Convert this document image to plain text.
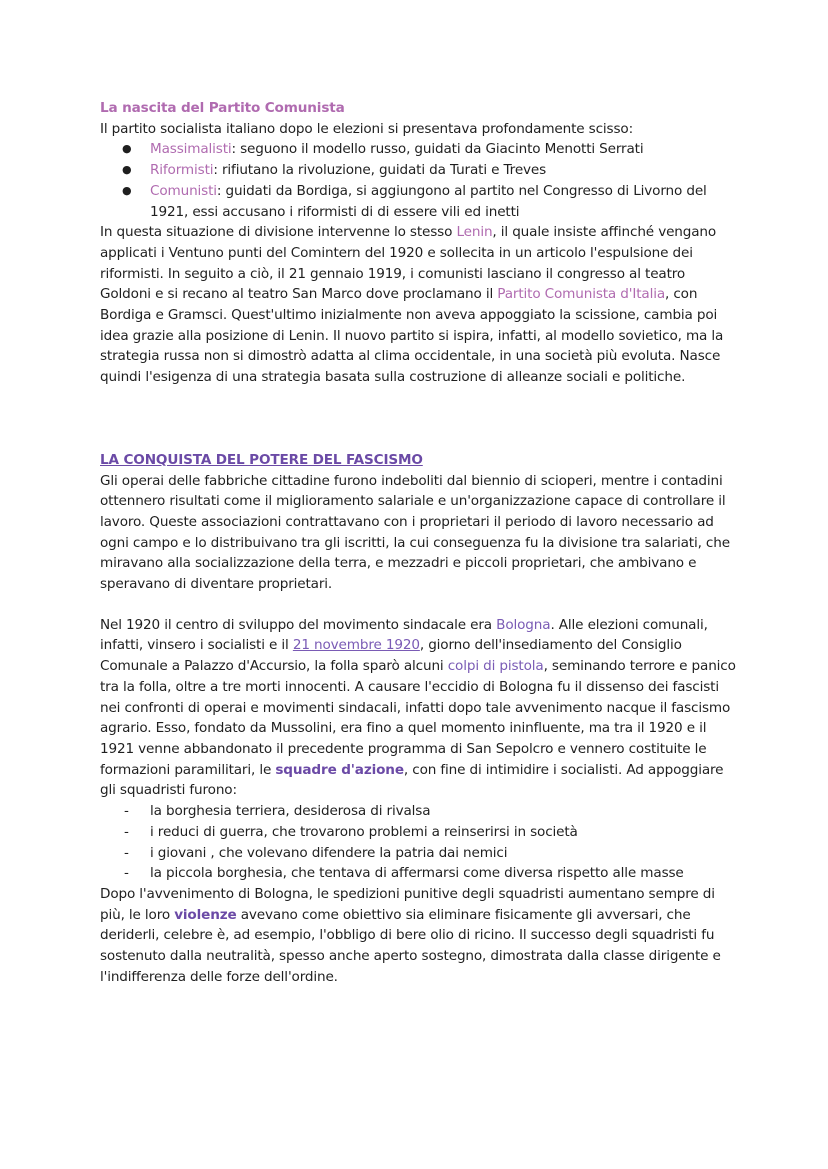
La nascita del Partito Comunista

Il partito socialista italiano dopo le elezioni si presentava profondamente scisso:

●	Massimalisti: seguono il modello russo, guidati da Giacinto Menotti Serrati
●	Riformisti: rifiutano la rivoluzione, guidati da Turati e Treves
●	Comunisti: guidati da Bordiga, si aggiungono al partito nel Congresso di Livorno del 1921, essi accusano i riformisti di di essere vili ed inetti

In questa situazione di divisione intervenne lo stesso Lenin, il quale insiste affinché vengano applicati i Ventuno punti del Comintern del 1920 e sollecita in un articolo l'espulsione dei riformisti. In seguito a ciò, il 21 gennaio 1919, i comunisti lasciano il congresso al teatro Goldoni e si recano al teatro San Marco dove proclamano il Partito Comunista d'Italia, con Bordiga e Gramsci. Quest'ultimo inizialmente non aveva appoggiato la scissione, cambia poi idea grazie alla posizione di Lenin. Il nuovo partito si ispira, infatti, al modello sovietico, ma la strategia russa non si dimostrò adatta al clima occidentale, in una società più evoluta. Nasce quindi l'esigenza di una strategia basata sulla costruzione di alleanze sociali e politiche.

LA CONQUISTA DEL POTERE DEL FASCISMO

Gli operai delle fabbriche cittadine furono indeboliti dal biennio di scioperi, mentre i contadini ottennero risultati come il miglioramento salariale e un'organizzazione capace di controllare il lavoro. Queste associazioni contrattavano con i proprietari il periodo di lavoro necessario ad ogni campo e lo distribuivano tra gli iscritti, la cui conseguenza fu la divisione tra salariati, che miravano alla socializzazione della terra, e mezzadri e piccoli proprietari, che ambivano e speravano di diventare proprietari.

Nel 1920 il centro di sviluppo del movimento sindacale era Bologna. Alle elezioni comunali, infatti, vinsero i socialisti e il 21 novembre 1920, giorno dell'insediamento del Consiglio Comunale a Palazzo d'Accursio, la folla sparò alcuni colpi di pistola, seminando terrore e panico tra la folla, oltre a tre morti innocenti. A causare l'eccidio di Bologna fu il dissenso dei fascisti nei confronti di operai e movimenti sindacali, infatti dopo tale avvenimento nacque il fascismo agrario. Esso, fondato da Mussolini, era fino a quel momento ininfluente, ma tra il 1920 e il 1921 venne abbandonato il precedente programma di San Sepolcro e vennero costituite le formazioni paramilitari, le squadre d'azione, con fine di intimidire i socialisti. Ad appoggiare gli squadristi furono:

- la borghesia terriera, desiderosa di rivalsa
- i reduci di guerra, che trovarono problemi a reinserirsi in società
- i giovani , che volevano difendere la patria dai nemici
- la piccola borghesia, che tentava di affermarsi come diversa rispetto alle masse

Dopo l'avvenimento di Bologna, le spedizioni punitive degli squadristi aumentano sempre di più, le loro violenze avevano come obiettivo sia eliminare fisicamente gli avversari, che deriderli, celebre è, ad esempio, l'obbligo di bere olio di ricino. Il successo degli squadristi fu sostenuto dalla neutralità, spesso anche aperto sostegno, dimostrata dalla classe dirigente e l'indifferenza delle forze dell'ordine.
